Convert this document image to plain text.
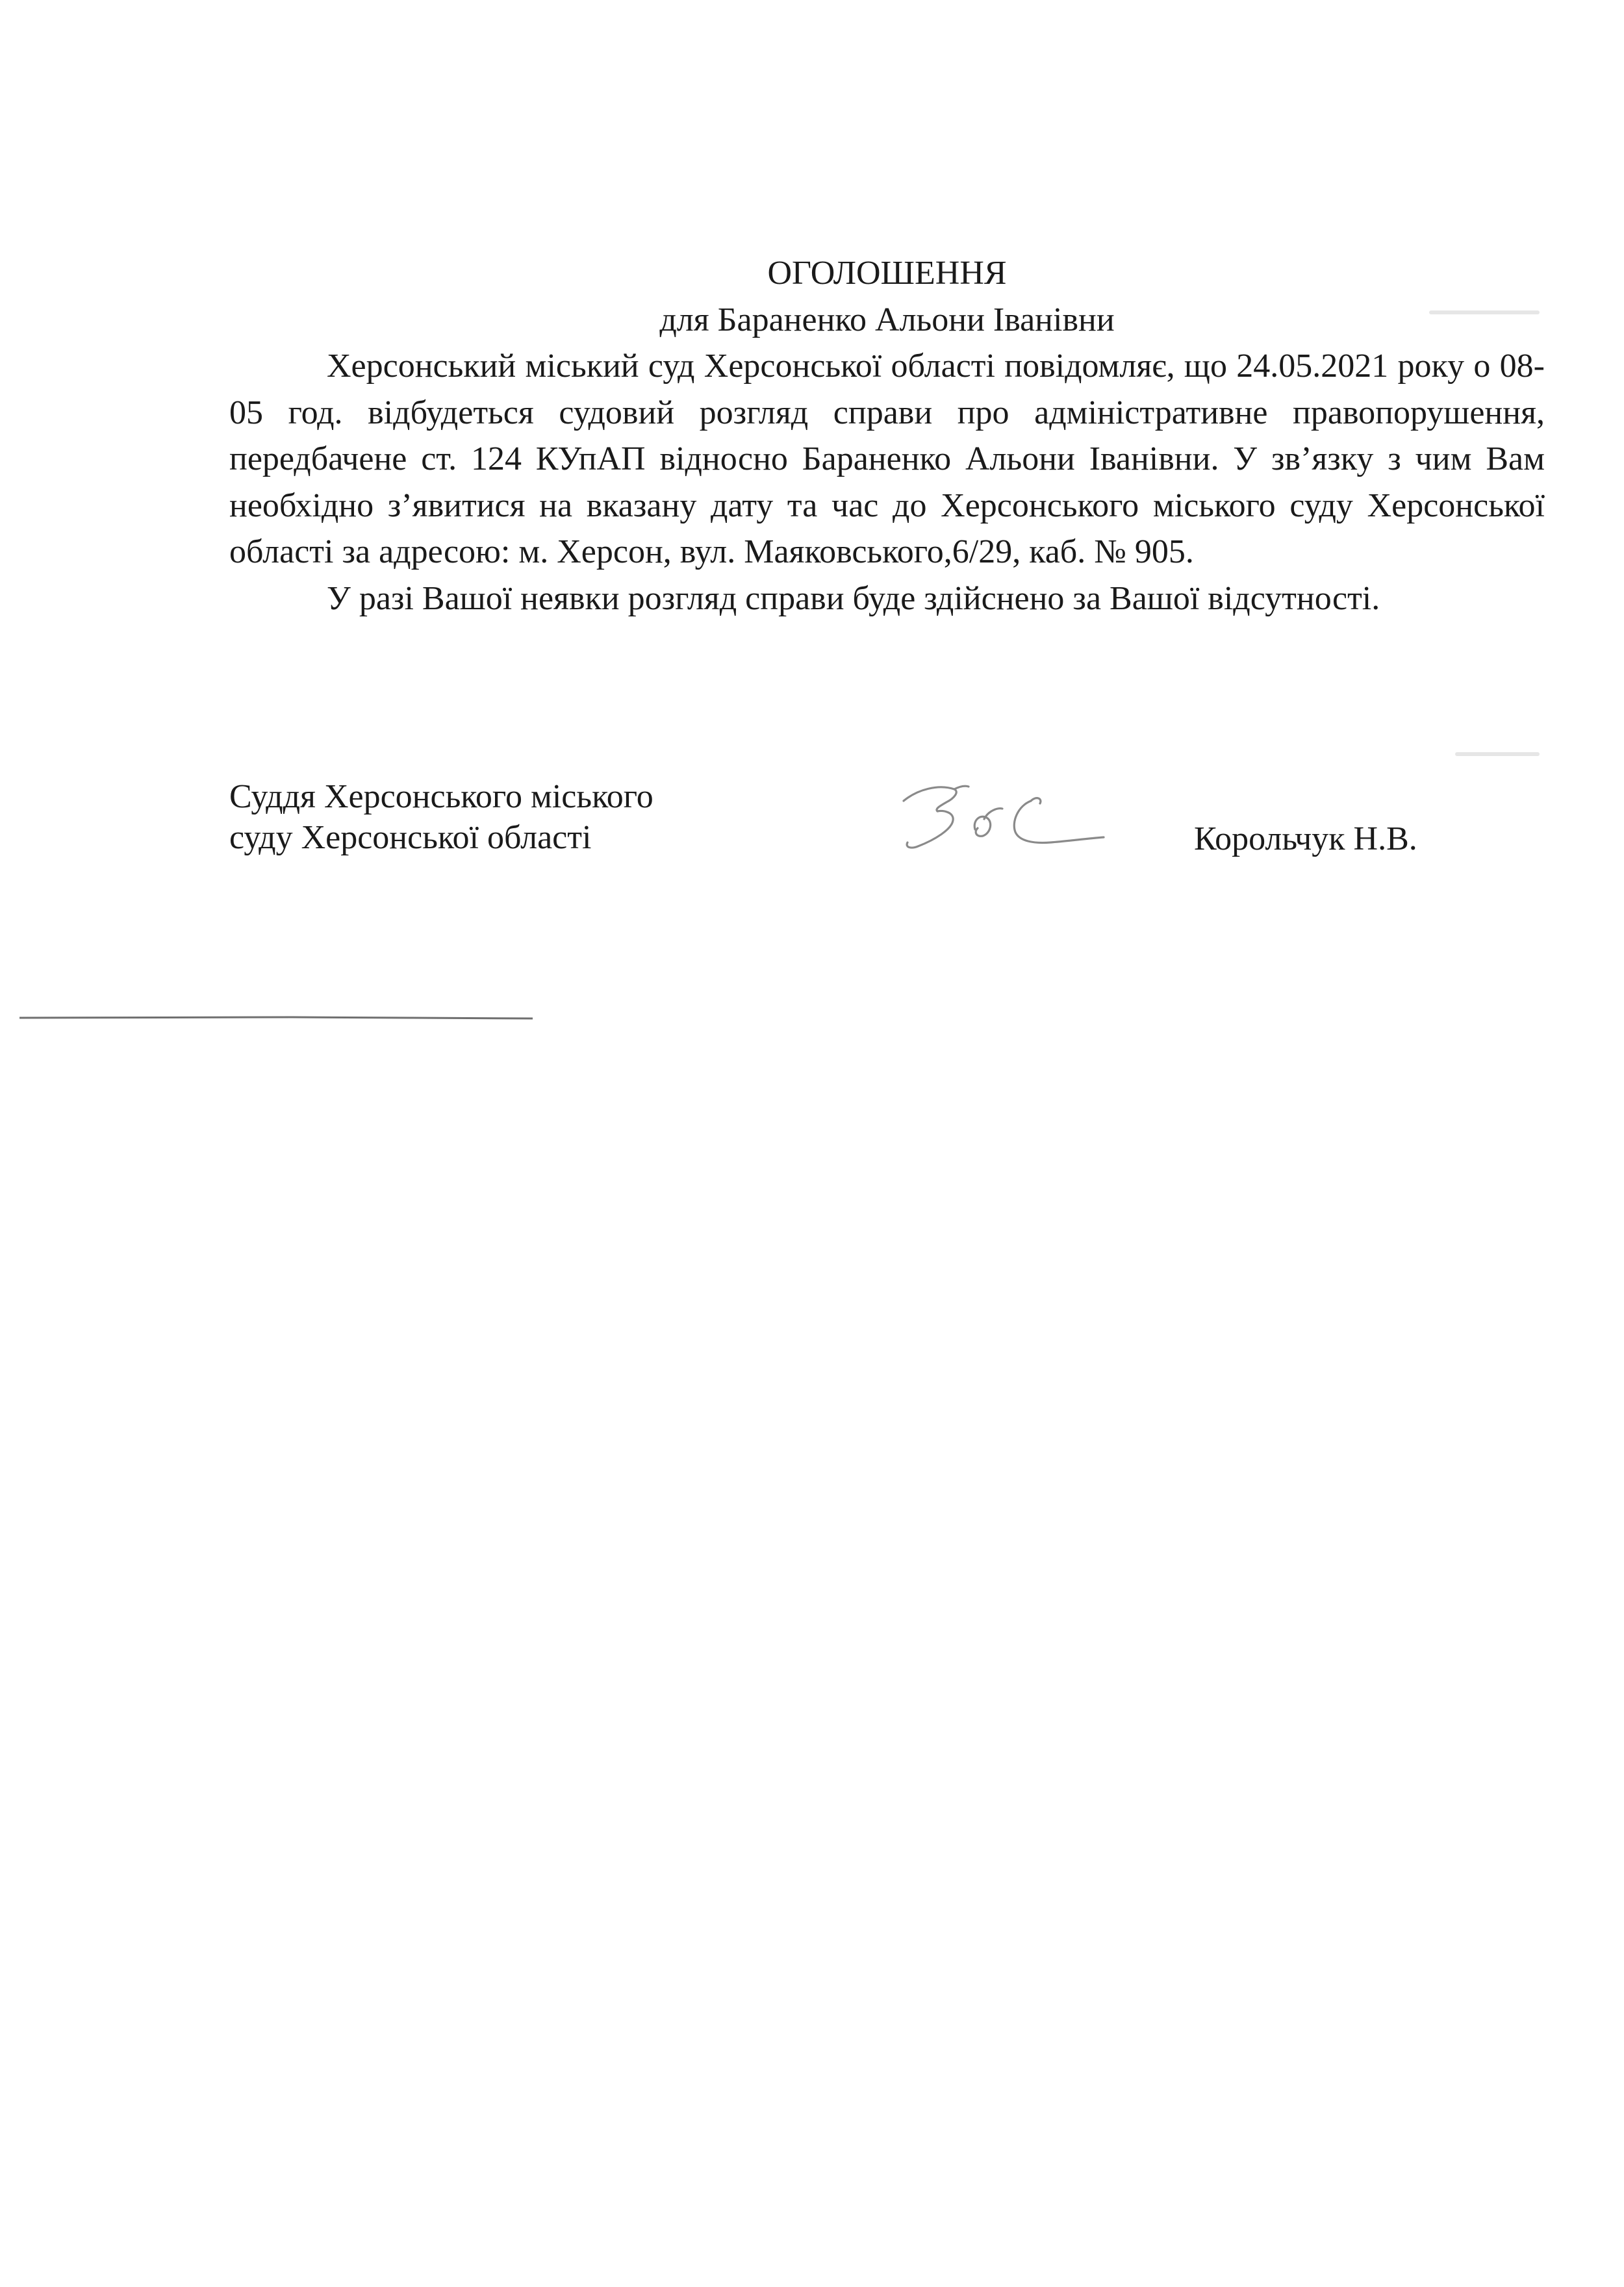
ОГОЛОШЕННЯ

для Бараненко Альони Іванівни

Херсонський міський суд Херсонської області повідомляє, що 24.05.2021 року о 08-05 год. відбудеться судовий розгляд справи про адміністративне правопорушення, передбачене ст. 124 КУпАП відносно Бараненко Альони Іванівни. У зв’язку з чим Вам необхідно з’явитися на вказану дату та час до Херсонського міського суду Херсонської області за адресою: м. Херсон, вул. Маяковського,6/29, каб. № 905.

У разі Вашої неявки розгляд справи буде здійснено за Вашої відсутності.

Суддя Херсонського міського
суду Херсонської області	Корольчук Н.В.
